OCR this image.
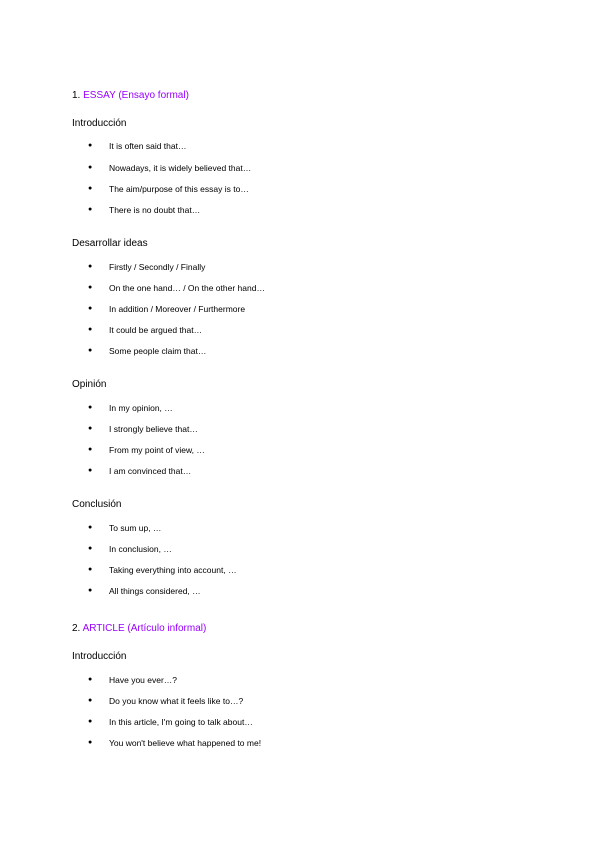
1. ESSAY (Ensayo formal)
Introducción
● It is often said that…
● Nowadays, it is widely believed that…
● The aim/purpose of this essay is to…
● There is no doubt that…
Desarrollar ideas
● Firstly / Secondly / Finally
● On the one hand… / On the other hand…
● In addition / Moreover / Furthermore
● It could be argued that…
● Some people claim that…
Opinión
● In my opinion, …
● I strongly believe that…
● From my point of view, …
● I am convinced that…
Conclusión
● To sum up, …
● In conclusion, …
● Taking everything into account, …
● All things considered, …
2. ARTICLE (Artículo informal)
Introducción
● Have you ever…?
● Do you know what it feels like to…?
● In this article, I'm going to talk about…
● You won't believe what happened to me!
